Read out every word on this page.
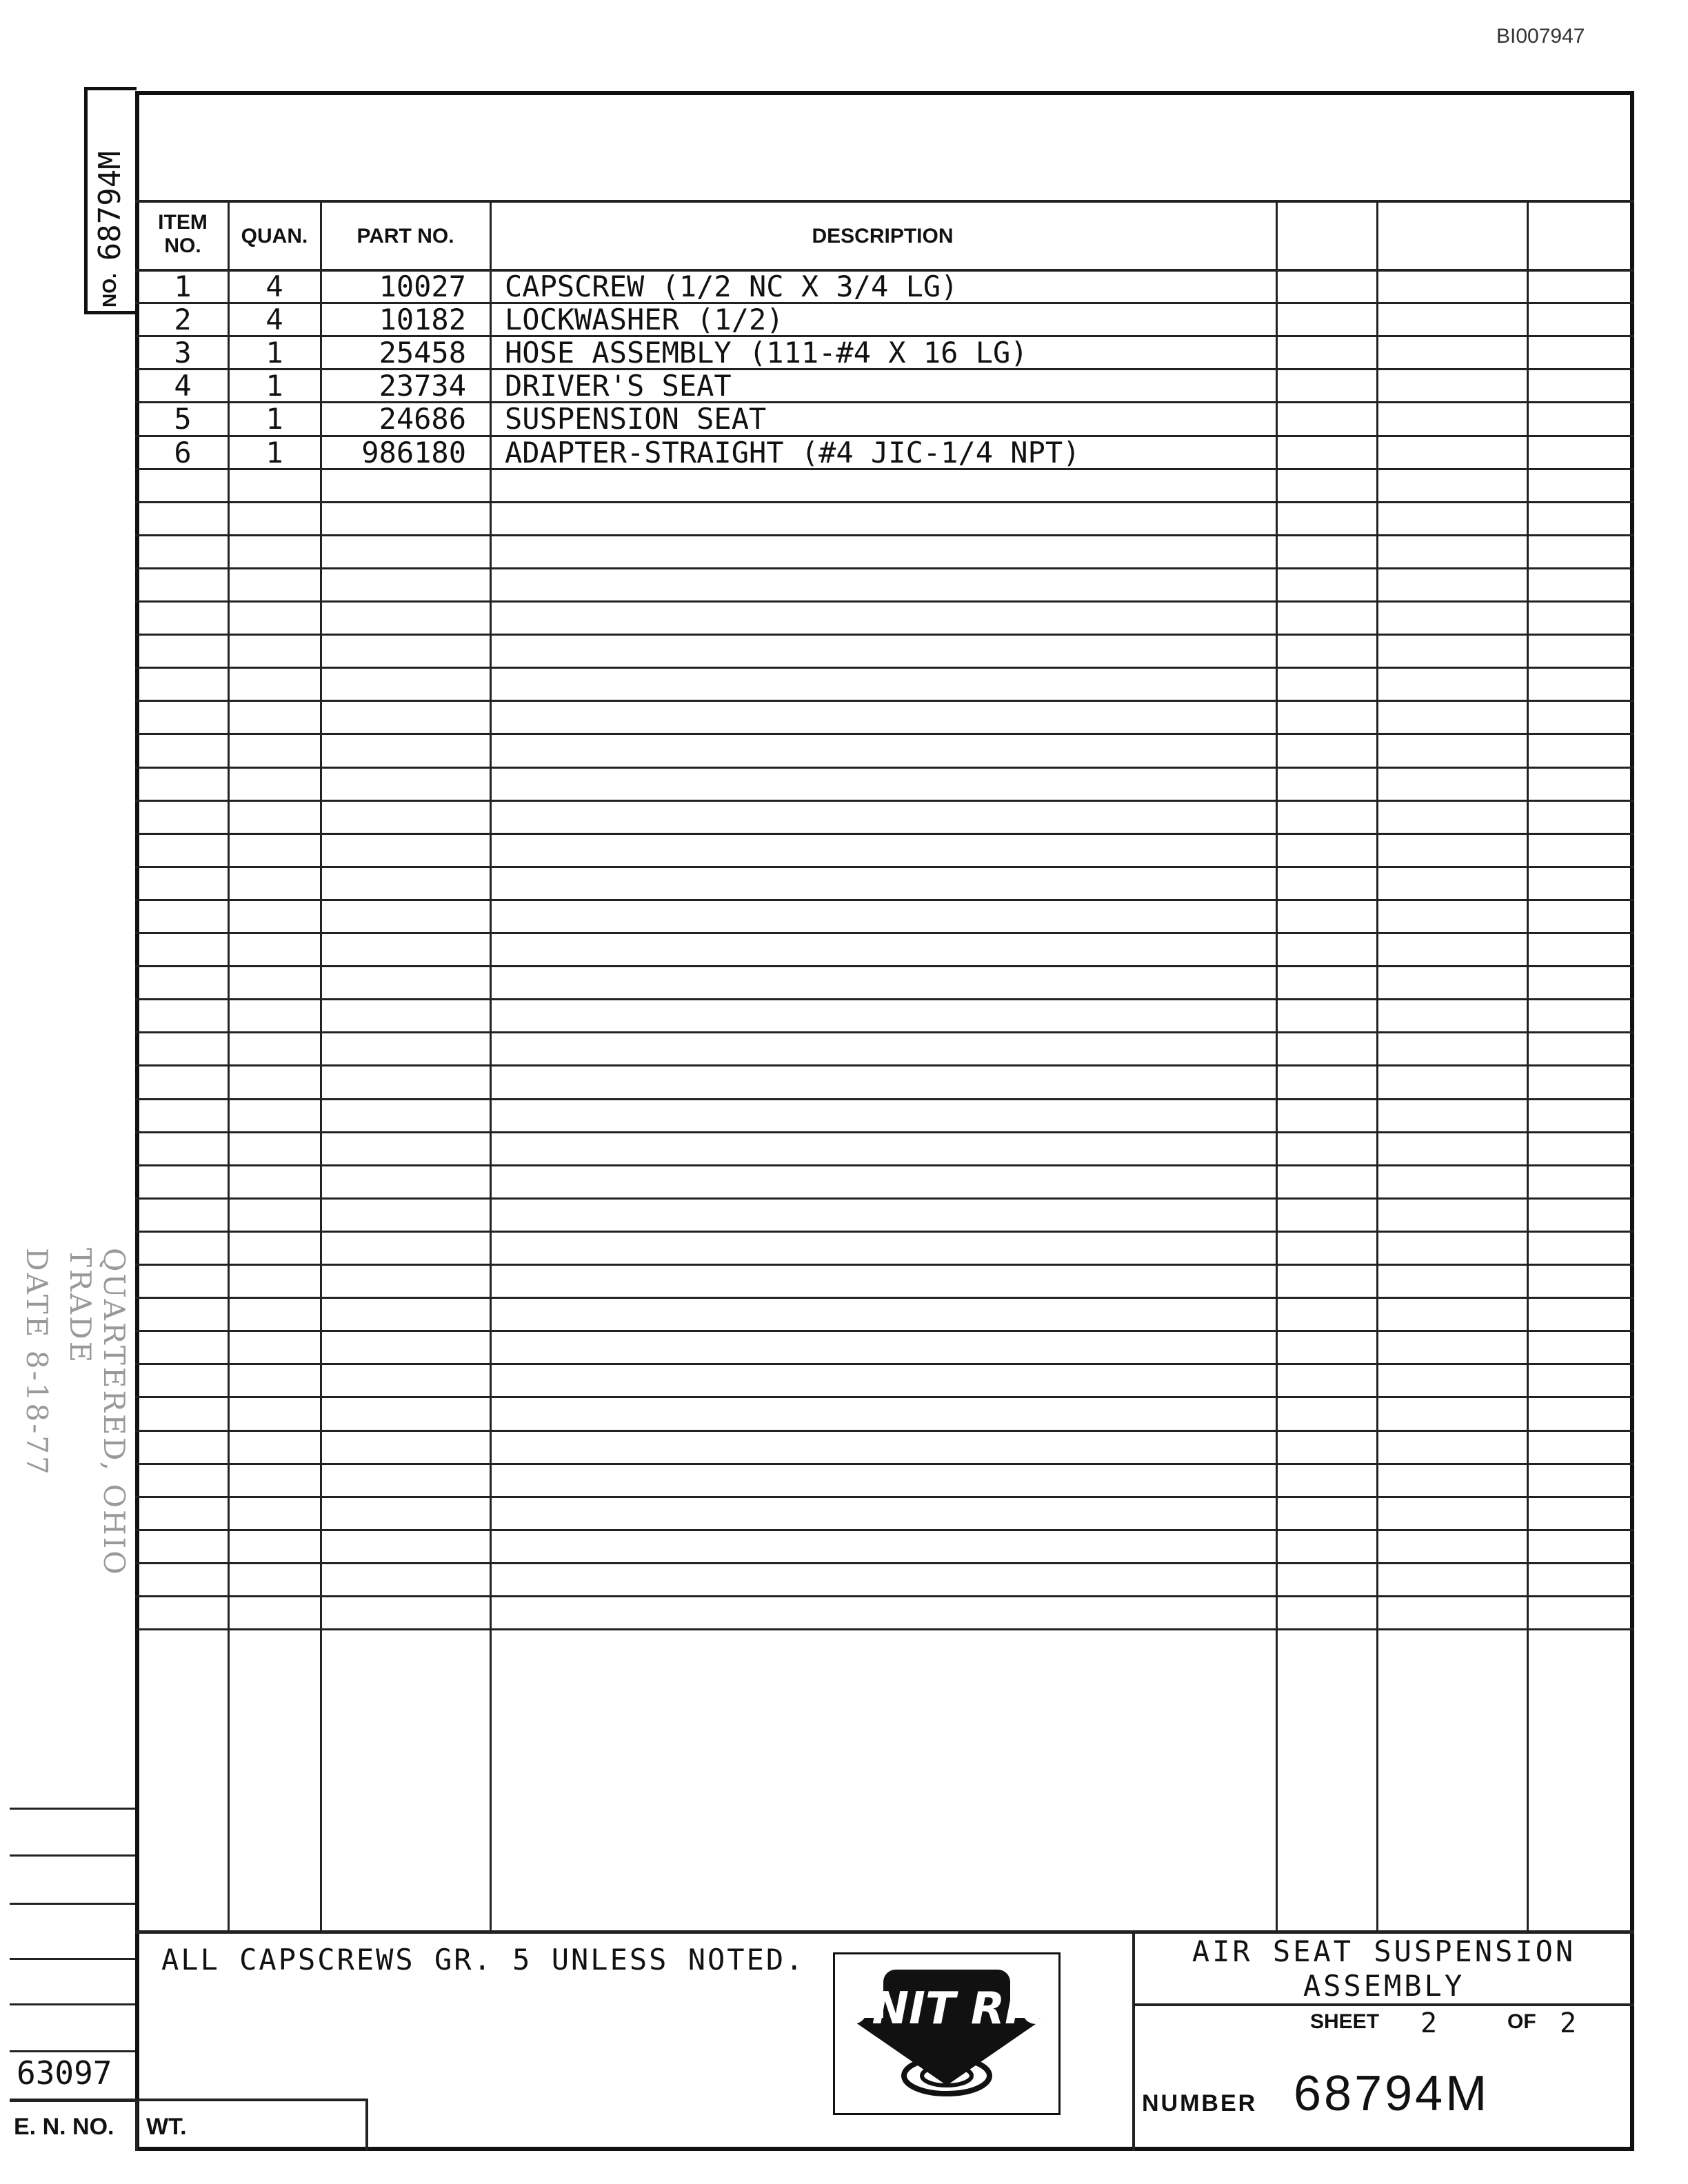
BI007947
NO.
68794M	ITEM NO.	QUAN.	PART NO.	DESCRIPTION
1	4	10027 CAPSCREW (1/2 NC X 3/4 LG)
2	4	10182 LOCKWASHER (1/2)
3	1	25458 HOSE ASSEMBLY (111-#4 X 16 LG)
4	1	23734 DRIVER'S SEAT
5	1	24686 SUSPENSION SEAT
6	1	986180 ADAPTER-STRAIGHT (#4 JIC-1/4 NPT)
ALL CAPSCREWS GR. 5 UNLESS NOTED.
UNIT RIG
AIR SEAT SUSPENSION
ASSEMBLY
SHEET 2	OF 2
NUMBER 68794M
63097
E. N. NO. WT.
QUARTERED, OHIO TRADE
DATE 8-18-77
